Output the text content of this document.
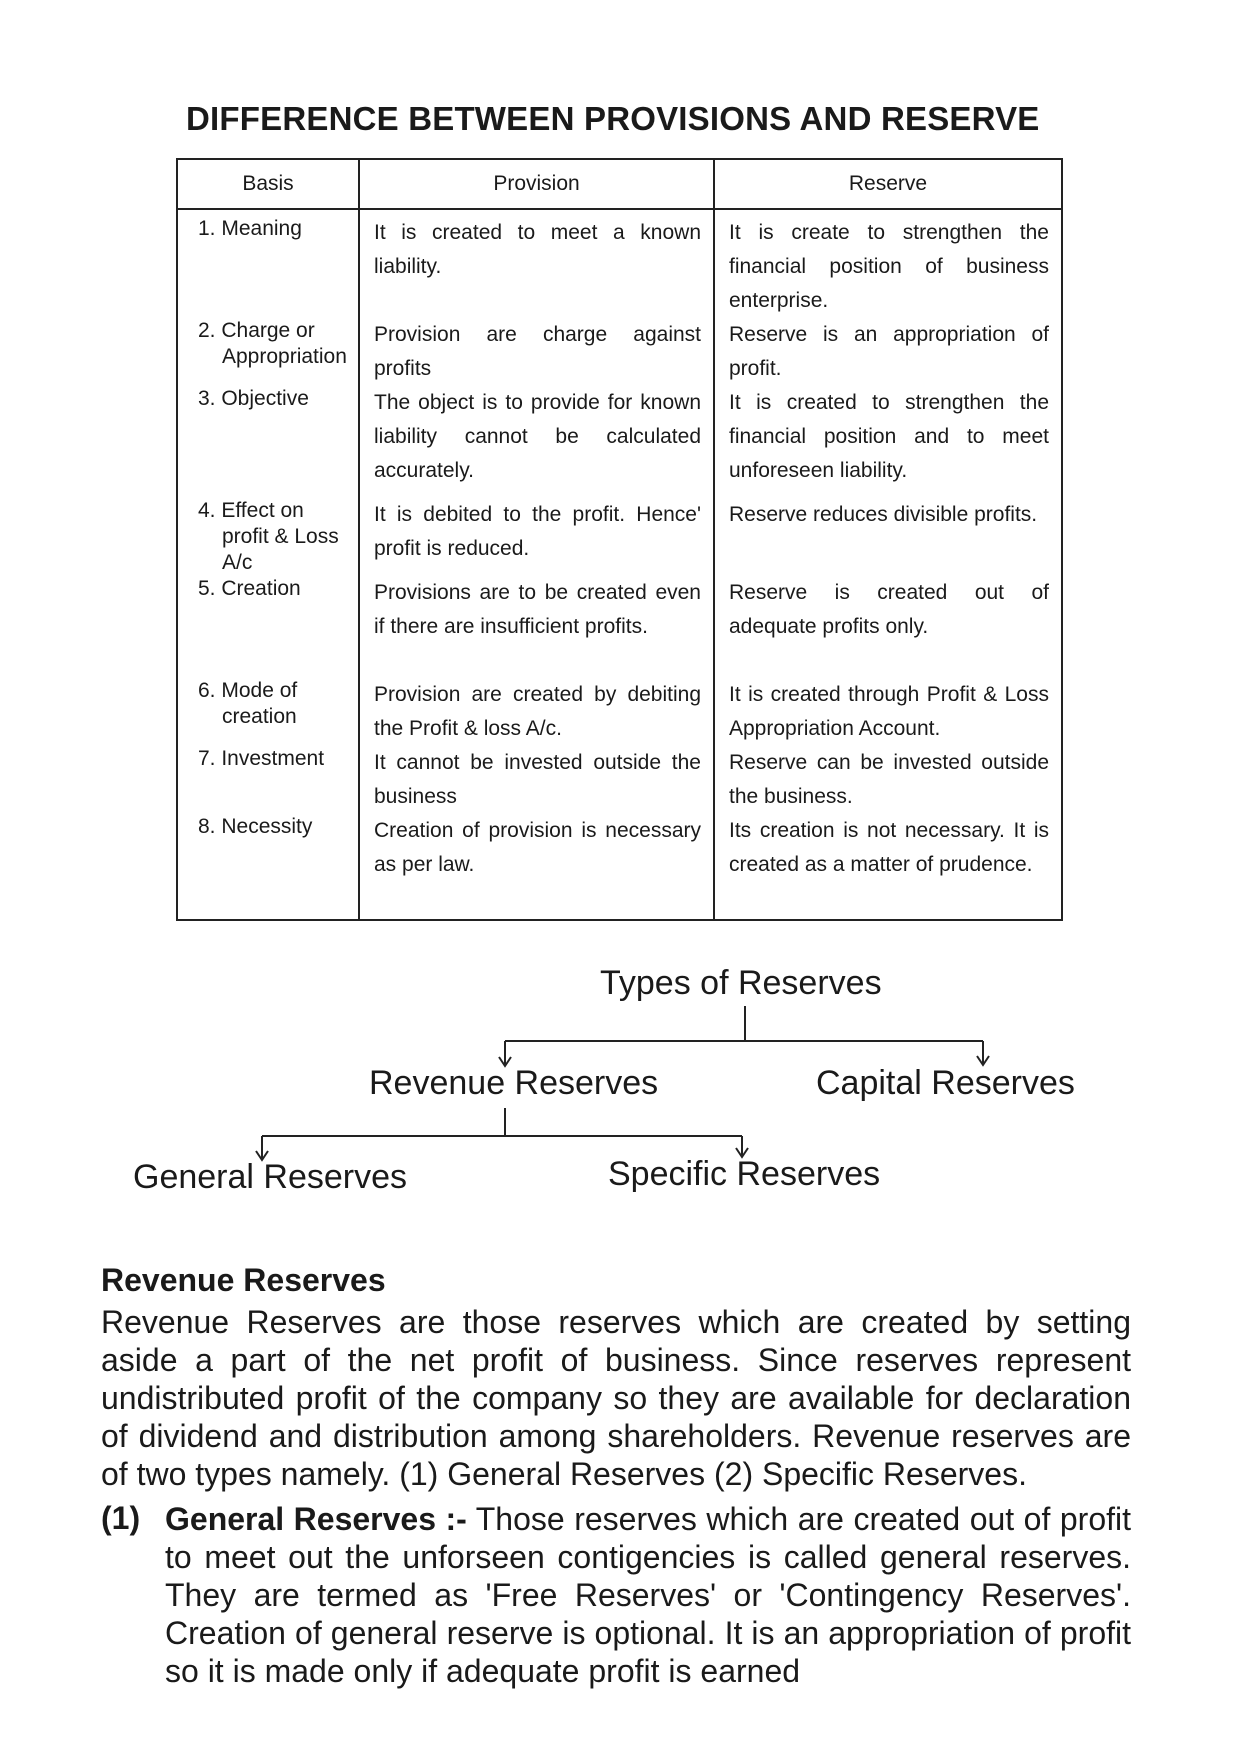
DIFFERENCE BETWEEN PROVISIONS AND RESERVE
Basis	Provision	Reserve

1. Meaning	It is created to meet a known liability.	It is create to strengthen the financial position of business enterprise.

2. Charge or Appropriation	Provision are charge against profits	Reserve is an appropriation of profit.

3. Objective	The object is to provide for known liability cannot be calculated accurately.	It is created to strengthen the financial position and to meet unforeseen liability.

4. Effect on profit & Loss A/c	It is debited to the profit. Hence' profit is reduced.	Reserve reduces divisible profits.

5. Creation	Provisions are to be created even if there are insufficient profits.	Reserve is created out of adequate profits only.

6. Mode of creation	Provision are created by debiting the Profit & loss A/c.	It is created through Profit & Loss Appropriation Account.

7. Investment	It cannot be invested outside the business	Reserve can be invested outside the business.

8. Necessity	Creation of provision is necessary as per law.	Its creation is not necessary. It is created as a matter of prudence.
Types of Reserves
Revenue Reserves	Capital Reserves
General Reserves	Specific Reserves
Revenue Reserves
Revenue Reserves are those reserves which are created by setting aside a part of the net profit of business. Since reserves represent undistributed profit of the company so they are available for declaration of dividend and distribution among shareholders. Revenue reserves are of two types namely. (1) General Reserves (2) Specific Reserves.
(1) General Reserves :- Those reserves which are created out of profit to meet out the unforseen contigencies is called general reserves. They are termed as 'Free Reserves' or 'Contingency Reserves'. Creation of general reserve is optional. It is an appropriation of profit so it is made only if adequate profit is earned
